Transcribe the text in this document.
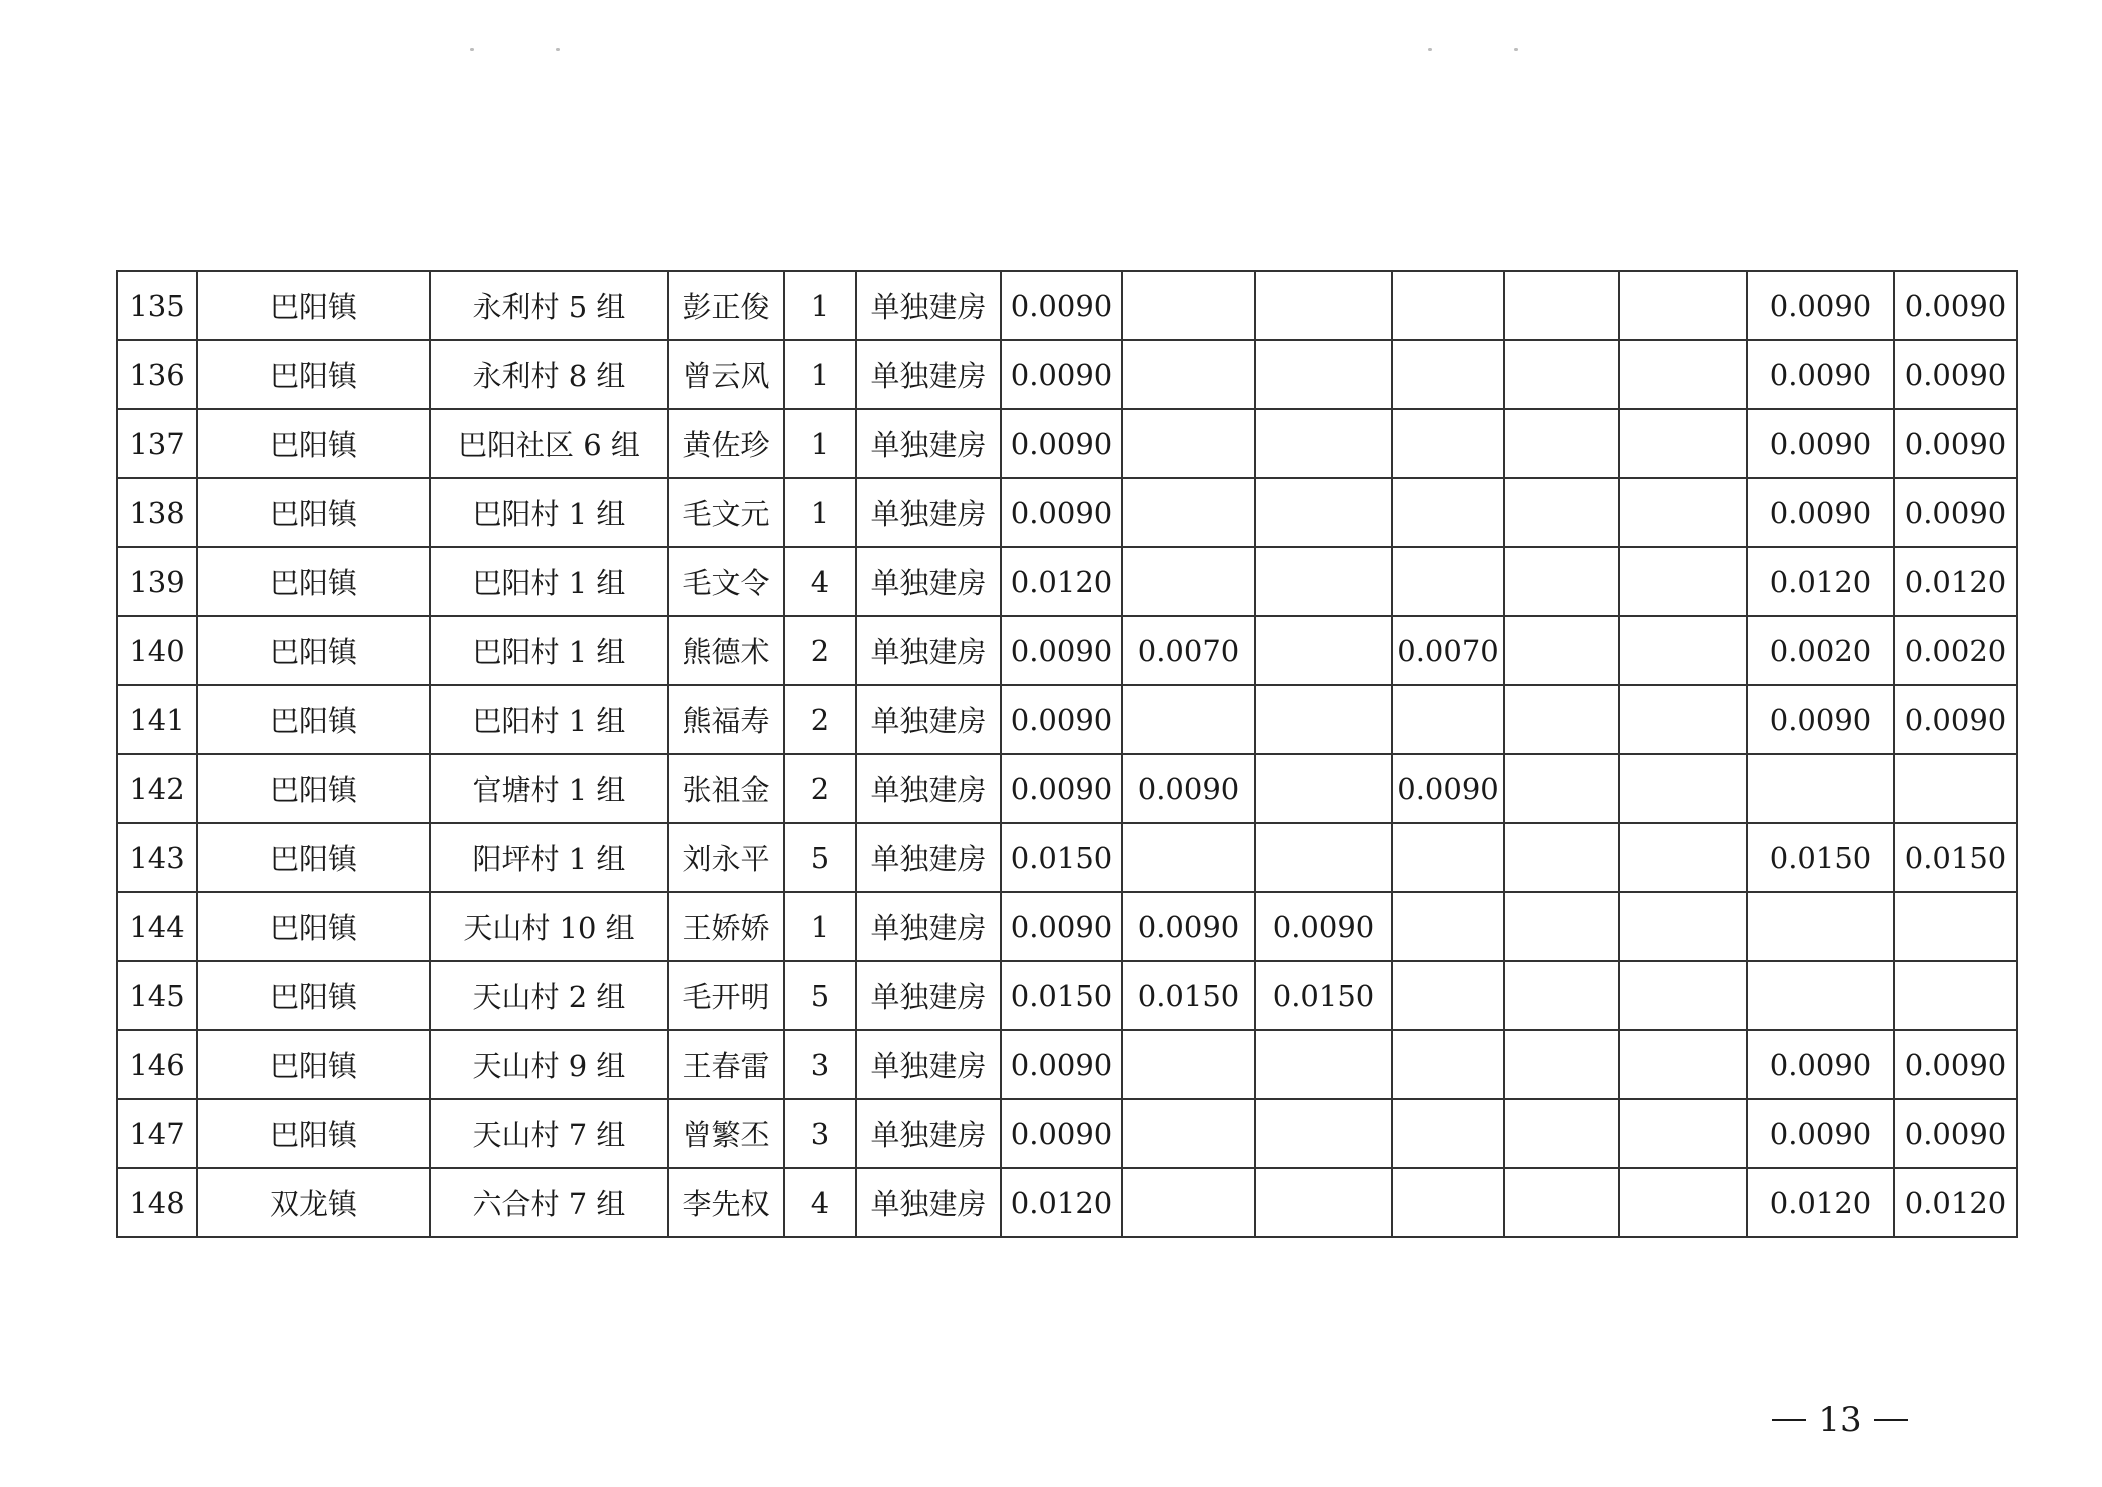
135	巴阳镇	永利村 5 组	彭正俊	1	单独建房	0.0090						0.0090	0.0090
136	巴阳镇	永利村 8 组	曾云风	1	单独建房	0.0090						0.0090	0.0090
137	巴阳镇	巴阳社区 6 组	黄佐珍	1	单独建房	0.0090						0.0090	0.0090
138	巴阳镇	巴阳村 1 组	毛文元	1	单独建房	0.0090						0.0090	0.0090
139	巴阳镇	巴阳村 1 组	毛文令	4	单独建房	0.0120						0.0120	0.0120
140	巴阳镇	巴阳村 1 组	熊德术	2	单独建房	0.0090	0.0070		0.0070			0.0020	0.0020
141	巴阳镇	巴阳村 1 组	熊福寿	2	单独建房	0.0090						0.0090	0.0090
142	巴阳镇	官塘村 1 组	张祖金	2	单独建房	0.0090	0.0090		0.0090				
143	巴阳镇	阳坪村 1 组	刘永平	5	单独建房	0.0150						0.0150	0.0150
144	巴阳镇	天山村 10 组	王娇娇	1	单独建房	0.0090	0.0090	0.0090					
145	巴阳镇	天山村 2 组	毛开明	5	单独建房	0.0150	0.0150	0.0150					
146	巴阳镇	天山村 9 组	王春雷	3	单独建房	0.0090						0.0090	0.0090
147	巴阳镇	天山村 7 组	曾繁丕	3	单独建房	0.0090						0.0090	0.0090
148	双龙镇	六合村 7 组	李先权	4	单独建房	0.0120						0.0120	0.0120
13
